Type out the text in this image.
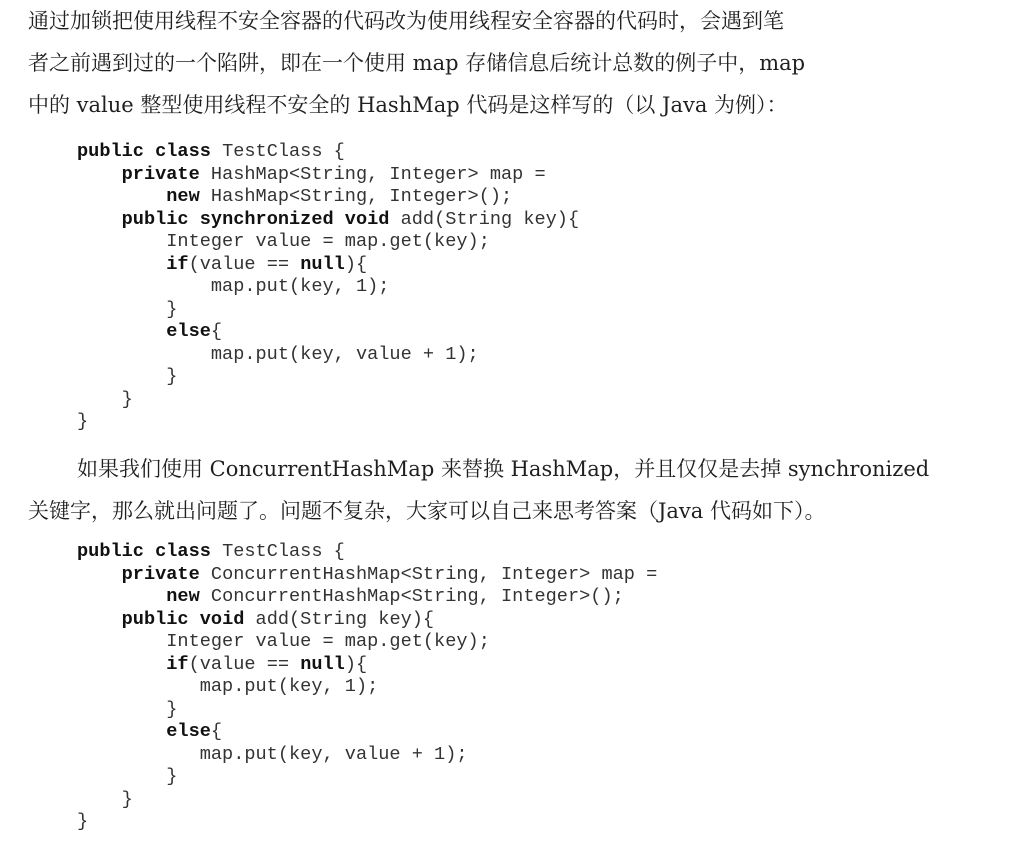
通过加锁把使用线程不安全容器的代码改为使用线程安全容器的代码时，会遇到笔
者之前遇到过的一个陷阱，即在一个使用 map 存储信息后统计总数的例子中，map
中的 value 整型使用线程不安全的 HashMap 代码是这样写的（以 Java 为例）：

public class TestClass {
private HashMap<String, Integer> map =
new HashMap<String, Integer>();
public synchronized void add(String key){
Integer value = map.get(key);
if(value == null){
map.put(key, 1);
}
else{
map.put(key, value + 1);
}
}
}

如果我们使用 ConcurrentHashMap 来替换 HashMap，并且仅仅是去掉 synchronized
关键字，那么就出问题了。问题不复杂，大家可以自己来思考答案（Java 代码如下）。

public class TestClass {
private ConcurrentHashMap<String, Integer> map =
new ConcurrentHashMap<String, Integer>();
public void add(String key){
Integer value = map.get(key);
if(value == null){
map.put(key, 1);
}
else{
map.put(key, value + 1);
}
}
}
